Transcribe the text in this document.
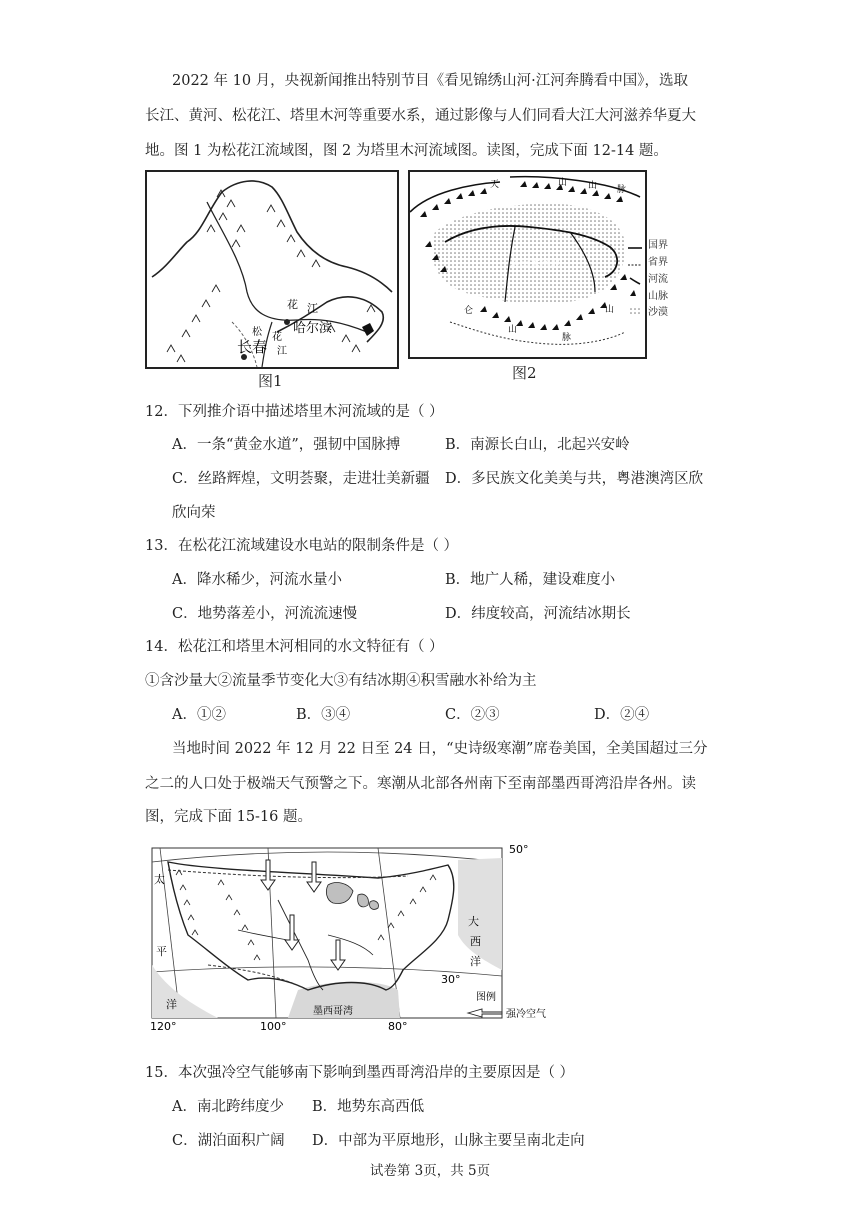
2022 年 10 月，央视新闻推出特别节目《看见锦绣山河·江河奔腾看中国》，选取
长江、黄河、松花江、塔里木河等重要水系，通过影像与人们同看大江大河滋养华夏大
地。图 1 为松花江流域图，图 2 为塔里木河流域图。读图，完成下面 12-14 题。
花 江
松 花
江
哈尔滨
长春
图1
天	山 山 脉
塔里木盆地
仑
山
脉
山
国界
省界
河流
山脉
沙漠
图2
12．下列推介语中描述塔里木河流域的是（ ）
A．一条“黄金水道”，强韧中国脉搏	B．南源长白山，北起兴安岭
C．丝路辉煌，文明荟聚，走进壮美新疆 D．多民族文化美美与共，粤港澳湾区欣
欣向荣
13．在松花江流域建设水电站的限制条件是（ ）
A．降水稀少，河流水量小	B．地广人稀，建设难度小
C．地势落差小，河流流速慢	D．纬度较高，河流结冰期长
14．松花江和塔里木河相同的水文特征有（ ）
①含沙量大②流量季节变化大③有结冰期④积雪融水补给为主
A．①②	B．③④	C．②③	D．②④
当地时间 2022 年 12 月 22 日至 24 日，“史诗级寒潮”席卷美国，全美国超过三分
之二的人口处于极端天气预警之下。寒潮从北部各州南下至南部墨西哥湾沿岸各州。读
图，完成下面 15-16 题。
50°
30°
120°	100°	80°
太
平
洋
大
西
洋
墨西哥湾
图例
强冷空气
15．本次强冷空气能够南下影响到墨西哥湾沿岸的主要原因是（ ）
A．南北跨纬度少 B．地势东高西低
C．湖泊面积广阔 D．中部为平原地形，山脉主要呈南北走向
试卷第 3页，共 5页
